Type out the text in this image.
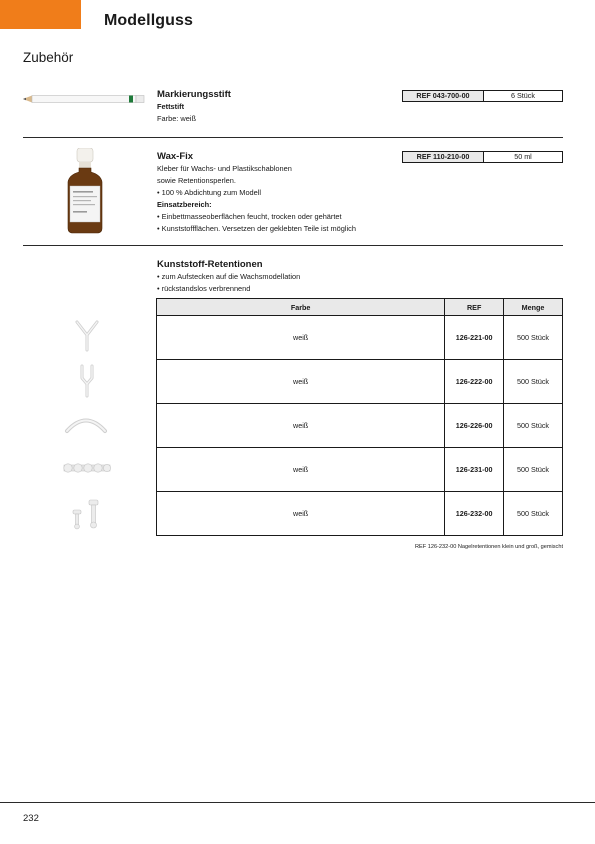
Modellguss
Zubehör
Markierungsstift
Fettstift
Farbe: weiß
REF 043-700-00	6 Stück
Wax-Fix
Kleber für Wachs- und Plastikschablonen
sowie Retentionsperlen.
• 100 % Abdichtung zum Modell
Einsatzbereich:
• Einbettmasseoberflächen feucht, trocken oder gehärtet
• Kunststoffflächen. Versetzen der geklebten Teile ist möglich
REF 110-210-00	50 ml
Kunststoff-Retentionen
• zum Aufstecken auf die Wachsmodellation
• rückstandslos verbrennend
Farbe	REF	Menge
weiß	126-221-00	500 Stück
weiß	126-222-00	500 Stück
weiß	126-226-00	500 Stück
weiß	126-231-00	500 Stück
weiß	126-232-00	500 Stück
REF 126-232-00 Nagelretentionen klein und groß, gemischt
232
